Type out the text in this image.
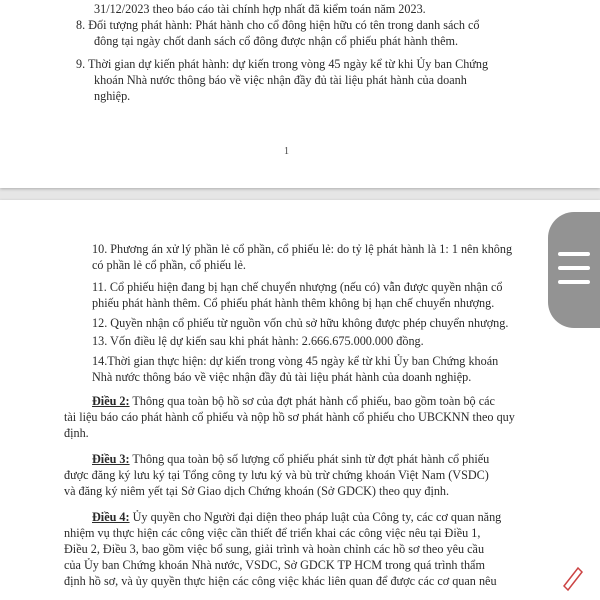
31/12/2023 theo báo cáo tài chính hợp nhất đã kiểm toán năm 2023.
8. Đối tượng phát hành: Phát hành cho cổ đông hiện hữu có tên trong danh sách cổ
đông tại ngày chốt danh sách cổ đông được nhận cổ phiếu phát hành thêm.
9. Thời gian dự kiến phát hành: dự kiến trong vòng 45 ngày kể từ khi Ủy ban Chứng
khoán Nhà nước thông báo về việc nhận đầy đủ tài liệu phát hành của doanh
nghiệp.
1
10. Phương án xử lý phần lẻ cổ phần, cổ phiếu lẻ: do tỷ lệ phát hành là 1: 1 nên không
có phần lẻ cổ phần, cổ phiếu lẻ.
11. Cổ phiếu hiện đang bị hạn chế chuyển nhượng (nếu có) vẫn được quyền nhận cổ
phiếu phát hành thêm. Cổ phiếu phát hành thêm không bị hạn chế chuyển nhượng.
12. Quyền nhận cổ phiếu từ nguồn vốn chủ sở hữu không được phép chuyển nhượng.
13. Vốn điều lệ dự kiến sau khi phát hành: 2.666.675.000.000 đồng.
14.Thời gian thực hiện: dự kiến trong vòng 45 ngày kể từ khi Ủy ban Chứng khoán
Nhà nước thông báo về việc nhận đầy đủ tài liệu phát hành của doanh nghiệp.
Điều 2: Thông qua toàn bộ hồ sơ của đợt phát hành cổ phiếu, bao gồm toàn bộ các
tài liệu báo cáo phát hành cổ phiếu và nộp hồ sơ phát hành cổ phiếu cho UBCKNN theo quy
định.
Điều 3: Thông qua toàn bộ số lượng cổ phiếu phát sinh từ đợt phát hành cổ phiếu
được đăng ký lưu ký tại Tổng công ty lưu ký và bù trừ chứng khoán Việt Nam (VSDC)
và đăng ký niêm yết tại Sở Giao dịch Chứng khoán (Sở GDCK) theo quy định.
Điều 4: Ủy quyền cho Người đại diện theo pháp luật của Công ty, các cơ quan năng
nhiệm vụ thực hiện các công việc cần thiết để triển khai các công việc nêu tại Điều 1,
Điều 2, Điều 3, bao gồm việc bổ sung, giải trình và hoàn chỉnh các hồ sơ theo yêu cầu
của Ủy ban Chứng khoán Nhà nước, VSDC, Sở GDCK TP HCM trong quá trình thẩm
định hồ sơ, và ủy quyền thực hiện các công việc khác liên quan để được các cơ quan nêu
